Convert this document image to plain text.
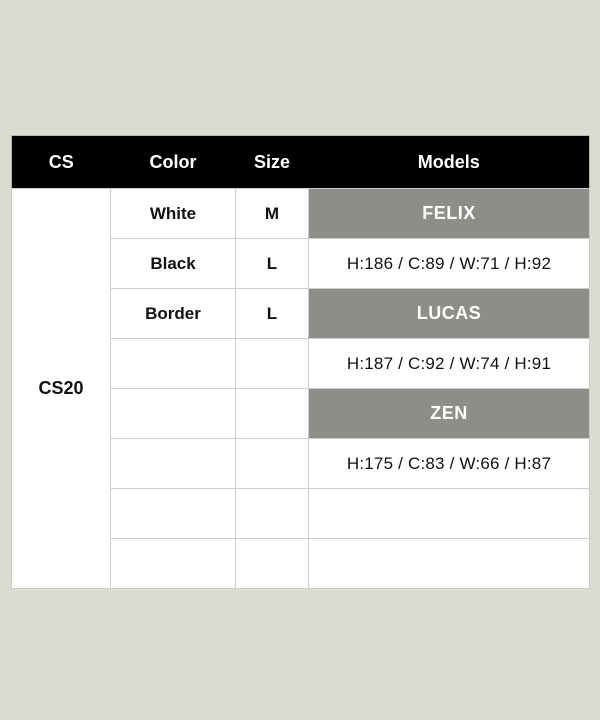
CS	Color	Size	Models
CS20	White	M	FELIX
	Black	L	H:186 / C:89 / W:71 / H:92
	Border	L	LUCAS
			H:187 / C:92 / W:74 / H:91
			ZEN
			H:175 / C:83 / W:66 / H:87
